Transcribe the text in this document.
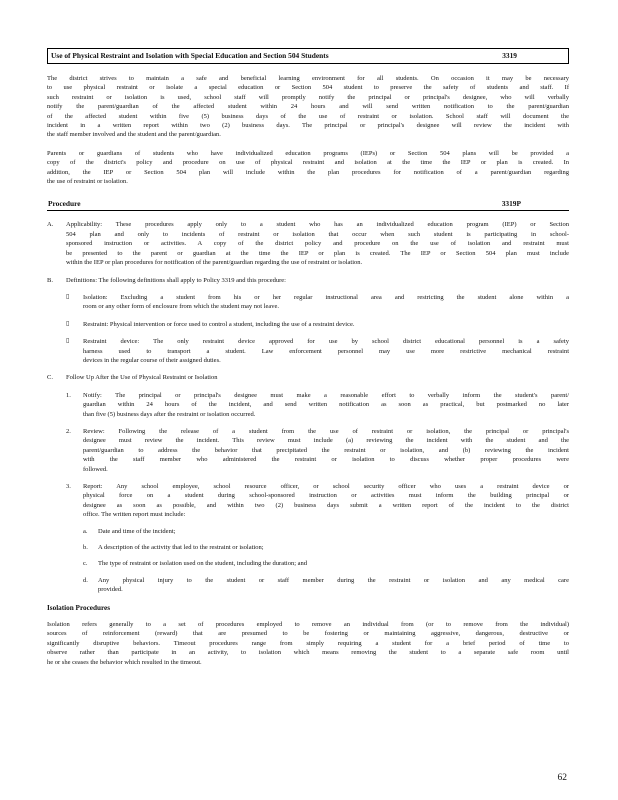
Use of Physical Restraint and Isolation with Special Education and Section 504 Students	3319

The district strives to maintain a safe and beneficial learning environment for all students. On occasion it may be necessary

to use physical restraint or isolate a special education or Section 504 student to preserve the safety of students and staff. If

such restraint or isolation is used, school staff will promptly notify the principal or principal's designee, who will verbally

notify the parent/guardian of the affected student within 24 hours and will send written notification to the parent/guardian

of the affected student within five (5) business days of the use of restraint or isolation. School staff will document the

incident in a written report within two (2) business days. The principal or principal's designee will review the incident with

the staff member involved and the student and the parent/guardian.

Parents or guardians of students who have individualized education programs (IEPs) or Section 504 plans will be provided a

copy of the district's policy and procedure on use of physical restraint and isolation at the time the IEP or plan is created. In

addition, the IEP or Section 504 plan will include within the plan procedures for notification of a parent/guardian regarding

the use of restraint or isolation.

Procedure	3319P
A.	Applicability: These procedures apply only to a student who has an individualized education program (IEP) or Section

504 plan and only to incidents of restraint or isolation that occur when such student is participating in school-

sponsored instruction or activities. A copy of the district policy and procedure on the use of isolation and restraint must

be presented to the parent or guardian at the time the IEP or plan is created. The IEP or Section 504 plan must include

within the IEP or plan procedures for notification of the parent/guardian regarding the use of restraint or isolation.

B.	Definitions: The following definitions shall apply to Policy 3319 and this procedure:

▯	Isolation: Excluding a student from his or her regular instructional area and restricting the student alone within a

room or any other form of enclosure from which the student may not leave.

▯	Restraint: Physical intervention or force used to control a student, including the use of a restraint device.

▯	Restraint device: The only restraint device approved for use by school district educational personnel is a safety

harness used to transport a student. Law enforcement personnel may use more restrictive mechanical restraint

devices in the regular course of their assigned duties.

C.	Follow Up After the Use of Physical Restraint or Isolation

1.	Notify: The principal or principal's designee must make a reasonable effort to verbally inform the student's parent/

guardian within 24 hours of the incident, and send written notification as soon as practical, but postmarked no later

than five (5) business days after the restraint or isolation occurred.

2.	Review: Following the release of a student from the use of restraint or isolation, the principal or principal's

designee must review the incident. This review must include (a) reviewing the incident with the student and the

parent/guardian to address the behavior that precipitated the restraint or isolation, and (b) reviewing the incident

with the staff member who administered the restraint or isolation to discuss whether proper procedures were

followed.

3.	Report: Any school employee, school resource officer, or school security officer who uses a restraint device or

physical force on a student during school-sponsored instruction or activities must inform the building principal or

designee as soon as possible, and within two (2) business days submit a written report of the incident to the district

office. The written report must include:

a.	Date and time of the incident;

b.	A description of the activity that led to the restraint or isolation;

c.	The type of restraint or isolation used on the student, including the duration; and

d.	Any physical injury to the student or staff member during the restraint or isolation and any medical care

provided.

Isolation Procedures

Isolation refers generally to a set of procedures employed to remove an individual from (or to remove from the individual)

sources of reinforcement (reward) that are presumed to be fostering or maintaining aggressive, dangerous, destructive or

significantly disruptive behaviors. Timeout procedures range from simply requiring a student for a brief period of time to

observe rather than participate in an activity, to isolation which means removing the student to a separate safe room until

he or she ceases the behavior which resulted in the timeout.

62
